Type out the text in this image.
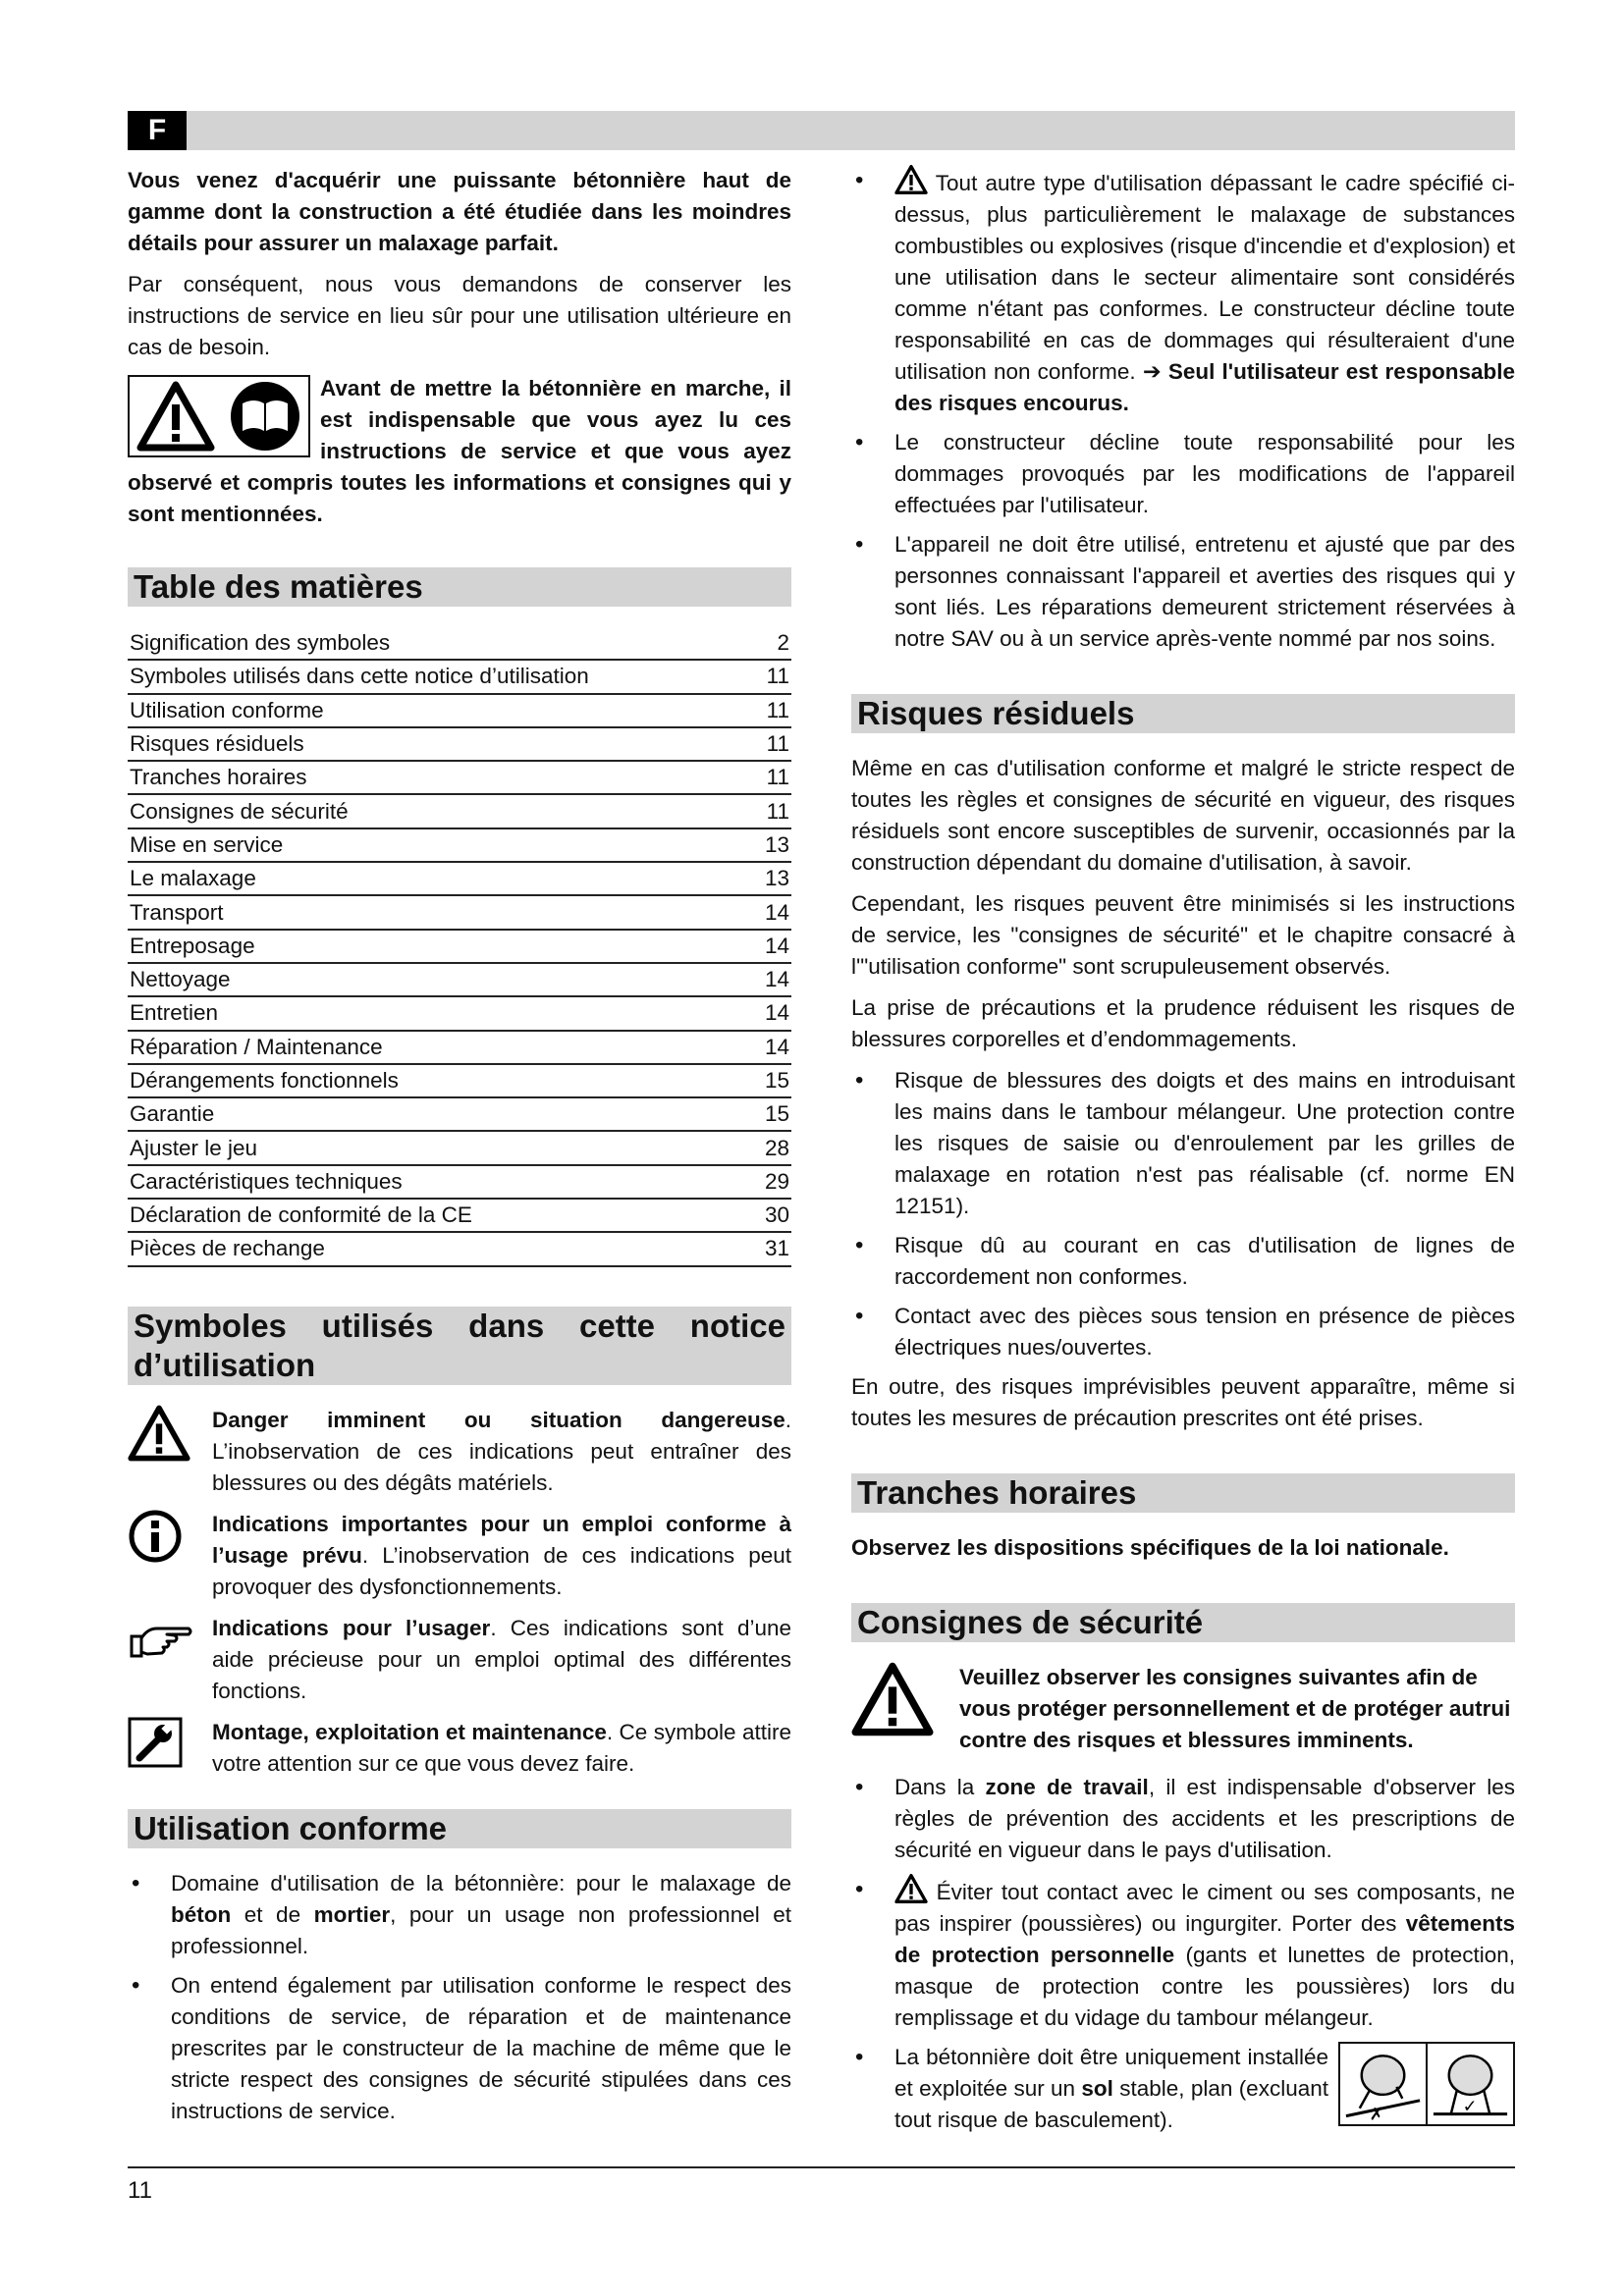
F

Vous venez d'acquérir une puissante bétonnière haut de gamme dont la construction a été étudiée dans les moindres détails pour assurer un malaxage parfait.

Par conséquent, nous vous demandons de conserver les instructions de service en lieu sûr pour une utilisation ultérieure en cas de besoin.

Avant de mettre la bétonnière en marche, il est indispensable que vous ayez lu ces instructions de service et que vous ayez observé et compris toutes les informations et consignes qui y sont mentionnées.

Table des matières
Signification des symboles	2
Symboles utilisés dans cette notice d’utilisation	11
Utilisation conforme	11
Risques résiduels	11
Tranches horaires	11
Consignes de sécurité	11
Mise en service	13
Le malaxage	13
Transport	14
Entreposage	14
Nettoyage	14
Entretien	14
Réparation / Maintenance	14
Dérangements fonctionnels	15
Garantie	15
Ajuster le jeu	28
Caractéristiques techniques	29
Déclaration de conformité de la CE	30
Pièces de rechange	31
Symboles utilisés dans cette notice d’utilisation
Danger imminent ou situation dangereuse. L’inobservation de ces indications peut entraîner des blessures ou des dégâts matériels.
Indications importantes pour un emploi conforme à l’usage prévu. L’inobservation de ces indications peut provoquer des dysfonctionnements.
Indications pour l’usager. Ces indications sont d’une aide précieuse pour un emploi optimal des différentes fonctions.
Montage, exploitation et maintenance. Ce symbole attire votre attention sur ce que vous devez faire.
Utilisation conforme
• Domaine d'utilisation de la bétonnière: pour le malaxage de béton et de mortier, pour un usage non professionnel et professionnel.
• On entend également par utilisation conforme le respect des conditions de service, de réparation et de maintenance prescrites par le constructeur de la machine de même que le stricte respect des consignes de sécurité stipulées dans ces instructions de service.
• Tout autre type d'utilisation dépassant le cadre spécifié ci-dessus, plus particulièrement le malaxage de substances combustibles ou explosives (risque d'incendie et d'explosion) et une utilisation dans le secteur alimentaire sont considérés comme n'étant pas conformes. Le constructeur décline toute responsabilité en cas de dommages qui résulteraient d'une utilisation non conforme. ➔ Seul l'utilisateur est responsable des risques encourus.
• Le constructeur décline toute responsabilité pour les dommages provoqués par les modifications de l'appareil effectuées par l'utilisateur.
• L'appareil ne doit être utilisé, entretenu et ajusté que par des personnes connaissant l'appareil et averties des risques qui y sont liés. Les réparations demeurent strictement réservées à notre SAV ou à un service après-vente nommé par nos soins.
Risques résiduels

Même en cas d'utilisation conforme et malgré le stricte respect de toutes les règles et consignes de sécurité en vigueur, des risques résiduels sont encore susceptibles de survenir, occasionnés par la construction dépendant du domaine d'utilisation, à savoir.

Cependant, les risques peuvent être minimisés si les instructions de service, les "consignes de sécurité" et le chapitre consacré à l'"utilisation conforme" sont scrupuleusement observés.

La prise de précautions et la prudence réduisent les risques de blessures corporelles et d’endommagements.

• Risque de blessures des doigts et des mains en introduisant les mains dans le tambour mélangeur. Une protection contre les risques de saisie ou d'enroulement par les grilles de malaxage en rotation n'est pas réalisable (cf. norme EN 12151).
• Risque dû au courant en cas d'utilisation de lignes de raccordement non conformes.
• Contact avec des pièces sous tension en présence de pièces électriques nues/ouvertes.

En outre, des risques imprévisibles peuvent apparaître, même si toutes les mesures de précaution prescrites ont été prises.

Tranches horaires

Observez les dispositions spécifiques de la loi nationale.

Consignes de sécurité

Veuillez observer les consignes suivantes afin de vous protéger personnellement et de protéger autrui contre des risques et blessures imminents.

• Dans la zone de travail, il est indispensable d'observer les règles de prévention des accidents et les prescriptions de sécurité en vigueur dans le pays d'utilisation.
• Éviter tout contact avec le ciment ou ses composants, ne pas inspirer (poussières) ou ingurgiter. Porter des vêtements de protection personnelle (gants et lunettes de protection, masque de protection contre les poussières) lors du remplissage et du vidage du tambour mélangeur.
• La bétonnière doit être uniquement installée et exploitée sur un sol stable, plan (excluant tout risque de basculement).	✗	✓
11
